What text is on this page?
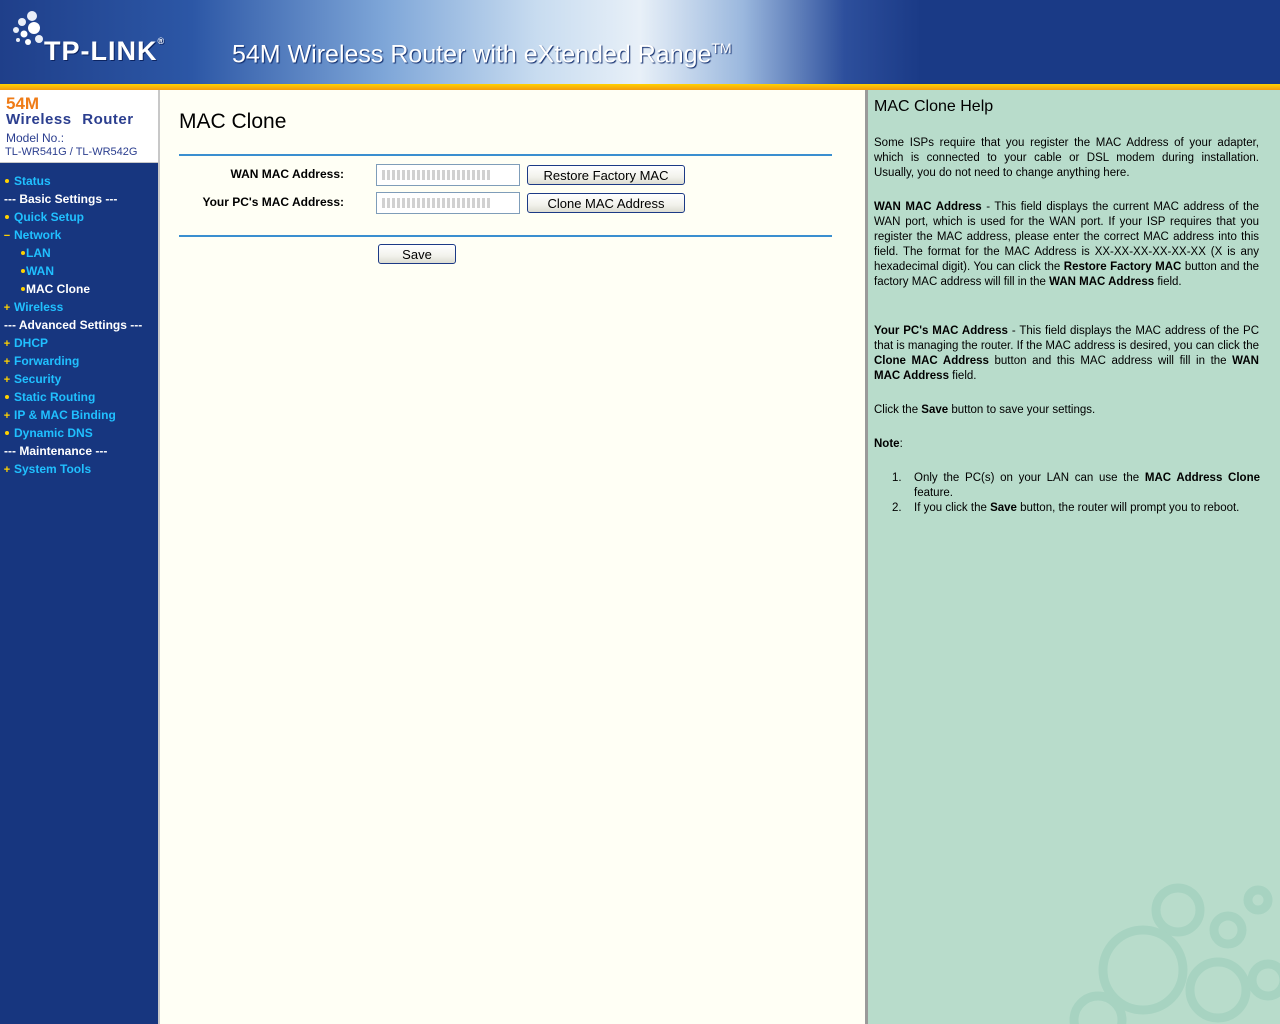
TP-LINK®	54M Wireless Router with eXtended Range™
54M
Wireless Router
Model No.:
TL-WR541G / TL-WR542G
Status
--- Basic Settings ---
Quick Setup
− Network
LAN
WAN
MAC Clone
+ Wireless
--- Advanced Settings ---
+ DHCP
+ Forwarding
+ Security
Static Routing
+ IP & MAC Binding
Dynamic DNS
--- Maintenance ---
+ System Tools
MAC Clone
WAN MAC Address:	Restore Factory MAC
Your PC's MAC Address:	Clone MAC Address
Save
MAC Clone Help
Some ISPs require that you register the MAC Address of your adapter, which is connected to your cable or DSL modem during installation. Usually, you do not need to change anything here.
WAN MAC Address - This field displays the current MAC address of the WAN port, which is used for the WAN port. If your ISP requires that you register the MAC address, please enter the correct MAC address into this field. The format for the MAC Address is XX-XX-XX-XX-XX-XX (X is any hexadecimal digit). You can click the Restore Factory MAC button and the factory MAC address will fill in the WAN MAC Address field.
Your PC's MAC Address - This field displays the MAC address of the PC that is managing the router. If the MAC address is desired, you can click the Clone MAC Address button and this MAC address will fill in the WAN MAC Address field.
Click the Save button to save your settings.
Note:
1. Only the PC(s) on your LAN can use the MAC Address Clone feature.
2. If you click the Save button, the router will prompt you to reboot.
